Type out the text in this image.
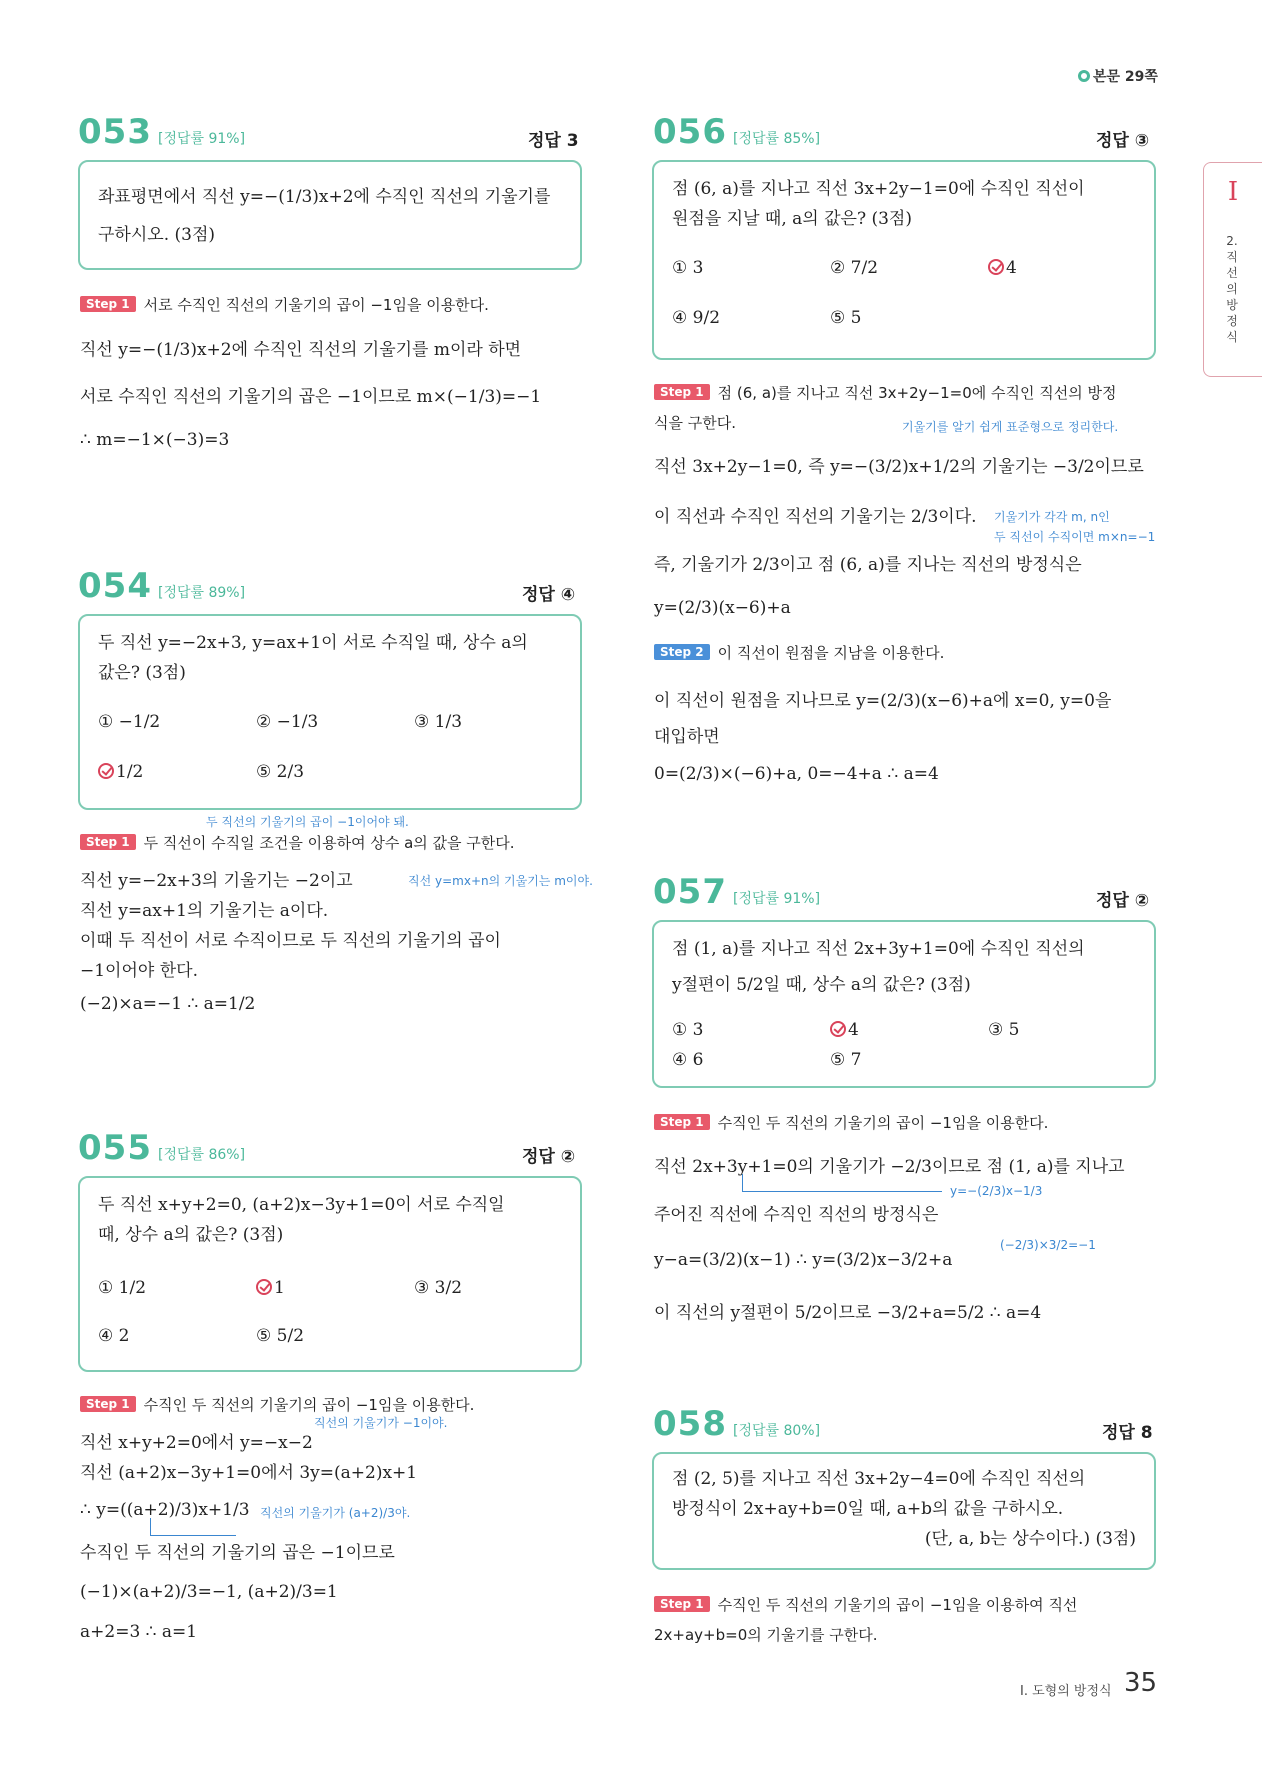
본문 29쪽
I
2. 직선의 방정식
053 [정답률 91%]	정답 3
좌표평면에서 직선 y=−(1/3)x+2에 수직인 직선의 기울기를
구하시오. (3점)
Step 1 서로 수직인 직선의 기울기의 곱이 −1임을 이용한다.
직선 y=−(1/3)x+2에 수직인 직선의 기울기를 m이라 하면
서로 수직인 직선의 기울기의 곱은 −1이므로 m×(−1/3)=−1
∴ m=−1×(−3)=3
054 [정답률 89%]	정답 ④
두 직선 y=−2x+3, y=ax+1이 서로 수직일 때, 상수 a의
값은? (3점)
① −1/2	② −1/3	③ 1/3
1/2	⑤ 2/3
두 직선의 기울기의 곱이 −1이어야 돼.
Step 1 두 직선이 수직일 조건을 이용하여 상수 a의 값을 구한다.
직선 y=−2x+3의 기울기는 −2이고	직선 y=mx+n의 기울기는 m이야.
직선 y=ax+1의 기울기는 a이다.
이때 두 직선이 서로 수직이므로 두 직선의 기울기의 곱이
−1이어야 한다.
(−2)×a=−1 ∴ a=1/2
055 [정답률 86%]	정답 ②
두 직선 x+y+2=0, (a+2)x−3y+1=0이 서로 수직일
때, 상수 a의 값은? (3점)
① 1/2	1	③ 3/2
④ 2	⑤ 5/2
Step 1 수직인 두 직선의 기울기의 곱이 −1임을 이용한다.
직선의 기울기가 −1이야.
직선 x+y+2=0에서 y=−x−2
직선 (a+2)x−3y+1=0에서 3y=(a+2)x+1
∴ y=((a+2)/3)x+1/3 직선의 기울기가 (a+2)/3야.
수직인 두 직선의 기울기의 곱은 −1이므로
(−1)×(a+2)/3=−1, (a+2)/3=1
a+2=3 ∴ a=1
056 [정답률 85%]	정답 ③
점 (6, a)를 지나고 직선 3x+2y−1=0에 수직인 직선이
원점을 지날 때, a의 값은? (3점)
① 3	② 7/2	4
④ 9/2	⑤ 5
Step 1 점 (6, a)를 지나고 직선 3x+2y−1=0에 수직인 직선의 방정
식을 구한다.	기울기를 알기 쉽게 표준형으로 정리한다.
직선 3x+2y−1=0, 즉 y=−(3/2)x+1/2의 기울기는 −3/2이므로
이 직선과 수직인 직선의 기울기는 2/3이다. 기울기가 각각 m, n인
두 직선이 수직이면 m×n=−1
즉, 기울기가 2/3이고 점 (6, a)를 지나는 직선의 방정식은
y=(2/3)(x−6)+a
Step 2 이 직선이 원점을 지남을 이용한다.
이 직선이 원점을 지나므로 y=(2/3)(x−6)+a에 x=0, y=0을
대입하면
0=(2/3)×(−6)+a, 0=−4+a ∴ a=4
057 [정답률 91%]	정답 ②
점 (1, a)를 지나고 직선 2x+3y+1=0에 수직인 직선의
y절편이 5/2일 때, 상수 a의 값은? (3점)
① 3	4	③ 5
④ 6	⑤ 7
Step 1 수직인 두 직선의 기울기의 곱이 −1임을 이용한다.
직선 2x+3y+1=0의 기울기가 −2/3이므로 점 (1, a)를 지나고
y=−(2/3)x−1/3
주어진 직선에 수직인 직선의 방정식은
y−a=(3/2)(x−1) ∴ y=(3/2)x−3/2+a
(−2/3)×3/2=−1
이 직선의 y절편이 5/2이므로 −3/2+a=5/2 ∴ a=4
058 [정답률 80%]	정답 8
점 (2, 5)를 지나고 직선 3x+2y−4=0에 수직인 직선의
방정식이 2x+ay+b=0일 때, a+b의 값을 구하시오.
(단, a, b는 상수이다.) (3점)
Step 1 수직인 두 직선의 기울기의 곱이 −1임을 이용하여 직선
2x+ay+b=0의 기울기를 구한다.
I. 도형의 방정식 35
